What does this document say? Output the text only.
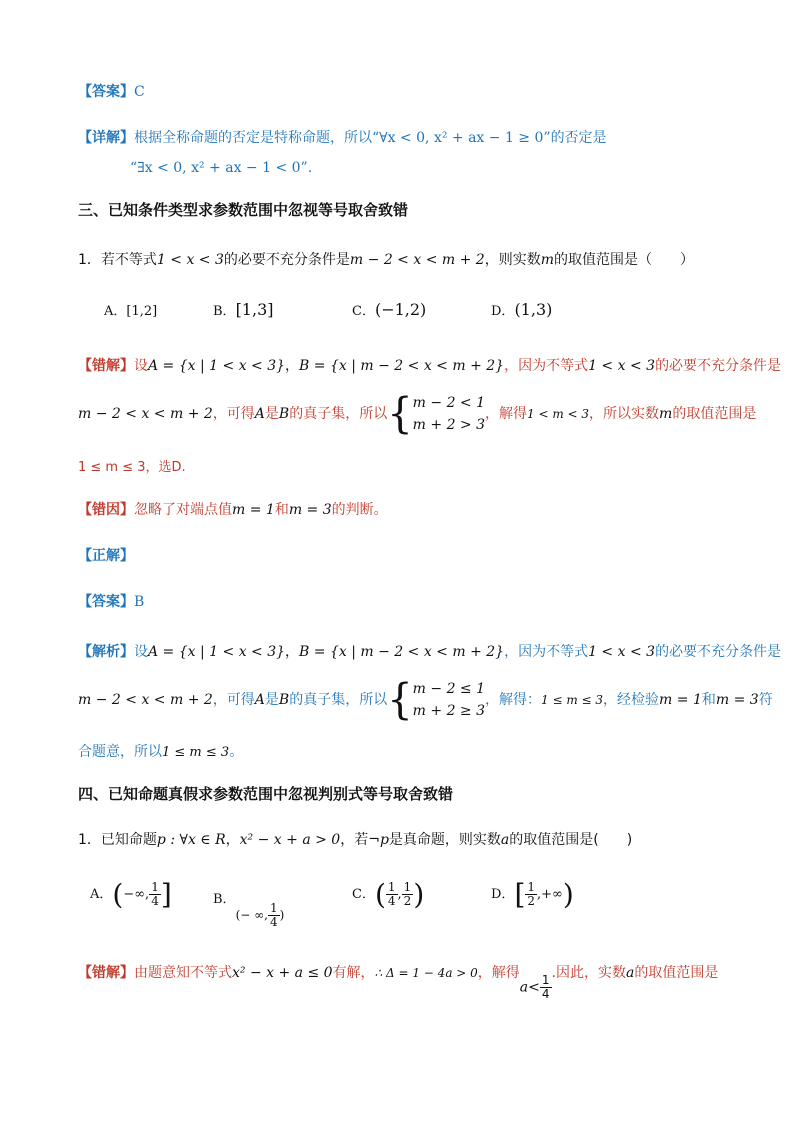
【答案】C
【详解】根据全称命题的否定是特称命题，所以“∀x < 0, x² + ax − 1 ≥ 0”的否定是
“∃x < 0, x² + ax − 1 < 0”.
三、已知条件类型求参数范围中忽视等号取舍致错
1．若不等式1 < x < 3的必要不充分条件是m − 2 < x < m + 2，则实数m的取值范围是（　　）
A．[1,2]	B．[1,3]	C．(−1,2)	D．(1,3)
【错解】设A = {x | 1 < x < 3}，B = {x | m − 2 < x < m + 2}，因为不等式1 < x < 3的必要不充分条件是
m − 2 < x < m + 2，可得A是B的真子集，所以 { m − 2 < 1
m + 2 > 3
，解得1 < m < 3，所以实数m的取值范围是
1 ≤ m ≤ 3，选D.
【错因】忽略了对端点值m = 1和m = 3的判断。
【正解】
【答案】B
【解析】设A = {x | 1 < x < 3}，B = {x | m − 2 < x < m + 2}，因为不等式1 < x < 3的必要不充分条件是
m − 2 < x < m + 2，可得A是B的真子集，所以 { m − 2 ≤ 1
m + 2 ≥ 3
，解得：1 ≤ m ≤ 3，经检验m = 1和m = 3符
合题意，所以1 ≤ m ≤ 3。
四、已知命题真假求参数范围中忽视判别式等号取舍致错
1．已知命题p : ∀x ∈ R，x² − x + a > 0，若¬p是真命题，则实数a的取值范围是(　　)
A．(−∞, $\frac{1}{4}$ ]	B．(− ∞, $\frac{1}{4}$ )
C．( $\frac{1}{4}$ , $\frac{1}{2}$ )	D．[ $\frac{1}{2}$ ,+∞)
【错解】由题意知不等式x² − x + a ≤ 0有解，∴ Δ = 1 − 4a > 0，解得$a< \frac{1}{4}$
.因此，实数a的取值范围是
